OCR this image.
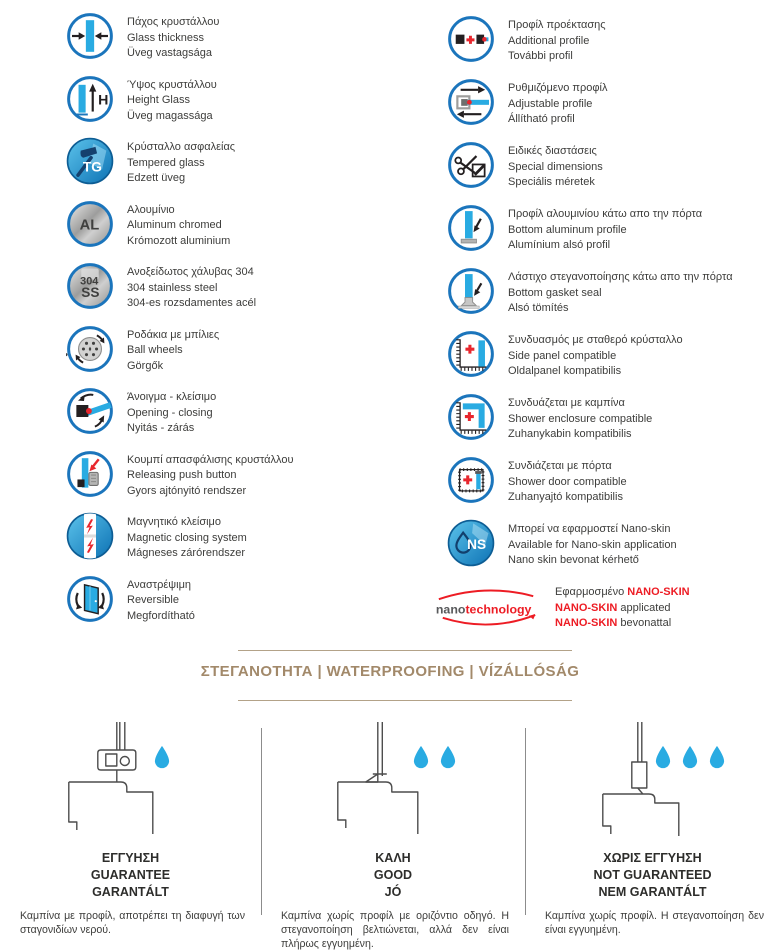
Πάχος κρυστάλλου

Glass thickness

Üveg vastagsága

H

Ύψος κρυστάλλου

Height Glass

Üveg magassága

TG

Κρύσταλλο ασφαλείας

Tempered glass

Edzett üveg

AL

Αλουμίνιο

Aluminum chromed

Krómozott aluminium

304
SS

Ανοξείδωτος χάλυβας 304

304 stainless steel

304-es rozsdamentes acél

Ροδάκια με μπίλιες

Ball wheels

Görgők

Άνοιγμα - κλείσιμο

Opening - closing

Nyitás - zárás

Κουμπί απασφάλισης κρυστάλλου

Releasing push button

Gyors ajtónyitó rendszer

Μαγνητικό κλείσιμο

Magnetic closing system

Mágneses zárórendszer

Αναστρέψιμη

Reversible

Megfordítható

Προφίλ προέκτασης

Additional profile

További profil

Ρυθμιζόμενο προφίλ

Adjustable profile

Állítható profil

Ειδικές διαστάσεις

Special dimensions

Speciális méretek

Προφίλ αλουμινίου κάτω απο την πόρτα

Bottom aluminum profile

Alumínium alsó profil

Λάστιχο στεγανοποίησης κάτω απο την πόρτα

Bottom gasket seal

Alsó tömítés

Συνδυασμός με σταθερό κρύσταλλο

Side panel compatible

Oldalpanel kompatibilis

Συνδυάζεται με καμπίνα

Shower enclosure compatible

Zuhanykabin kompatibilis

Συνδιάζεται με πόρτα

Shower door compatible

Zuhanyajtó kompatibilis

NS

Μπορεί να εφαρμοστεί Nano-skin

Available for Nano-skin application

Nano skin bevonat kérhető

nanotechnology

Εφαρμοσμένο NANO-SKIN

NANO-SKIN applicated

NANO-SKIN bevonattal

ΣΤΕΓΑΝΟΤΗΤΑ | WATERPROOFING | VÍZÁLLÓSÁG

ΕΓΓΥΗΣΗ

GUARANTEE

GARANTÁLT

Καμπίνα με προφίλ, αποτρέπει τη διαφυγή των σταγονιδίων νερού.

ΚΑΛΗ

GOOD

JÓ

Καμπίνα χωρίς προφίλ με οριζόντιο οδηγό. Η στεγανοποίηση βελτιώνεται, αλλά δεν είναι πλήρως εγγυημένη.

ΧΩΡΙΣ ΕΓΓΥΗΣΗ

NOT GUARANTEED

NEM GARANTÁLT

Καμπίνα χωρίς προφίλ. Η στεγανοποίηση δεν είναι εγγυημένη.
